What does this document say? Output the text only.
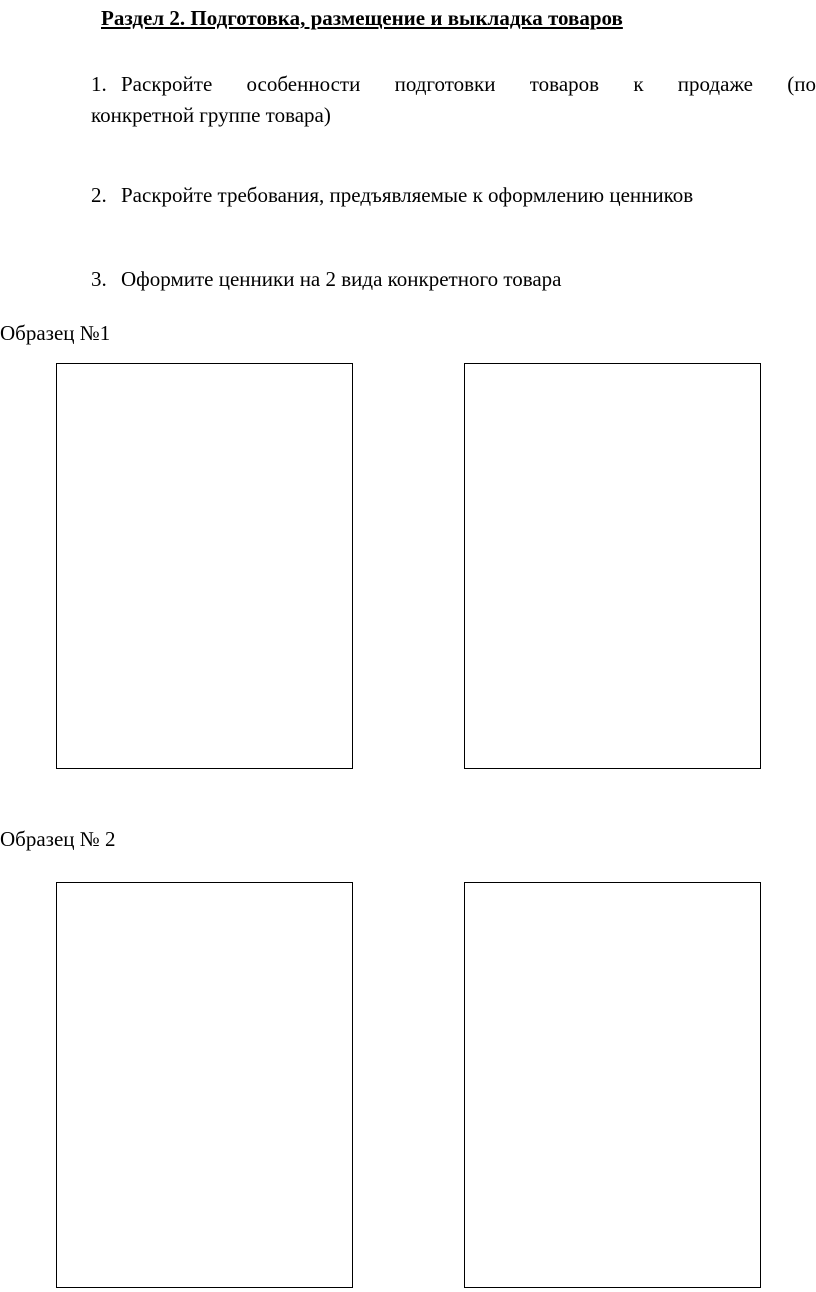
Раздел 2. Подготовка, размещение и выкладка товаров
1. Раскройте особенности подготовки товаров к продаже (по
конкретной группе товара)
2. Раскройте требования, предъявляемые к оформлению ценников
3. Оформите ценники на 2 вида конкретного товара
Образец №1
Образец № 2
